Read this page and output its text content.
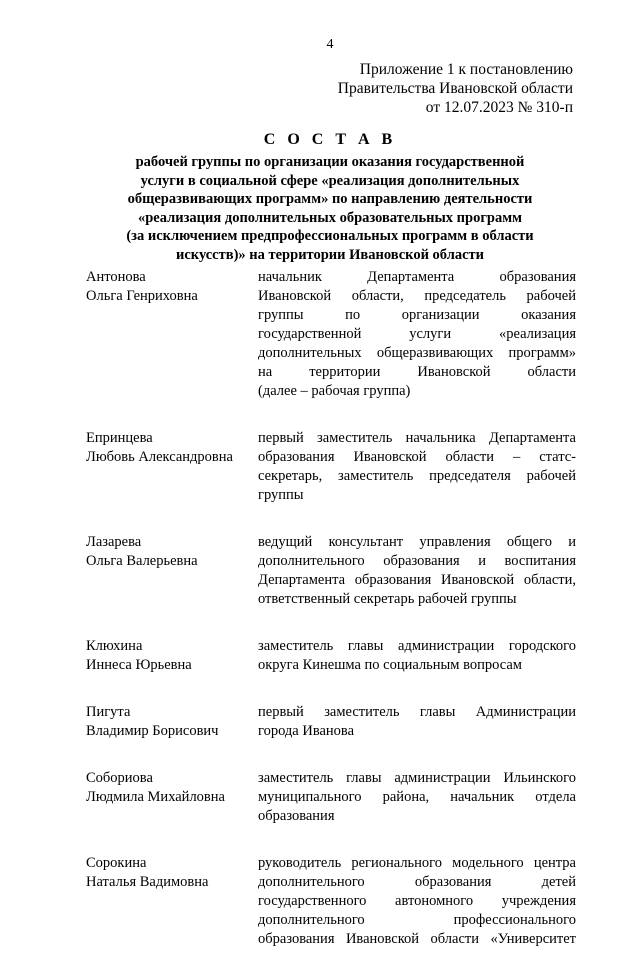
4
Приложение 1 к постановлению
Правительства Ивановской области
от 12.07.2023 № 310-п
С О С Т А В
рабочей группы по организации оказания государственной
услуги в социальной сфере «реализация дополнительных
общеразвивающих программ» по направлению деятельности
«реализация дополнительных образовательных программ
(за исключением предпрофессиональных программ в области
искусств)» на территории Ивановской области
Антонова
Ольга Генриховна
начальник Департамента образования
Ивановской области, председатель рабочей
группы по организации оказания
государственной услуги «реализация
дополнительных общеразвивающих программ»
на территории Ивановской области
(далее – рабочая группа)
Епринцева
Любовь Александровна
первый заместитель начальника Департамента
образования Ивановской области – статс-
секретарь, заместитель председателя рабочей
группы
Лазарева
Ольга Валерьевна
ведущий консультант управления общего и
дополнительного образования и воспитания
Департамента образования Ивановской области,
ответственный секретарь рабочей группы
Клюхина
Иннеса Юрьевна
заместитель главы администрации городского
округа Кинешма по социальным вопросам
Пигута
Владимир Борисович
первый заместитель главы Администрации
города Иванова
Собориова
Людмила Михайловна
заместитель главы администрации Ильинского
муниципального района, начальник отдела
образования
Сорокина
Наталья Вадимовна
руководитель регионального модельного центра
дополнительного образования детей
государственного автономного учреждения
дополнительного профессионального
образования Ивановской области «Университет
